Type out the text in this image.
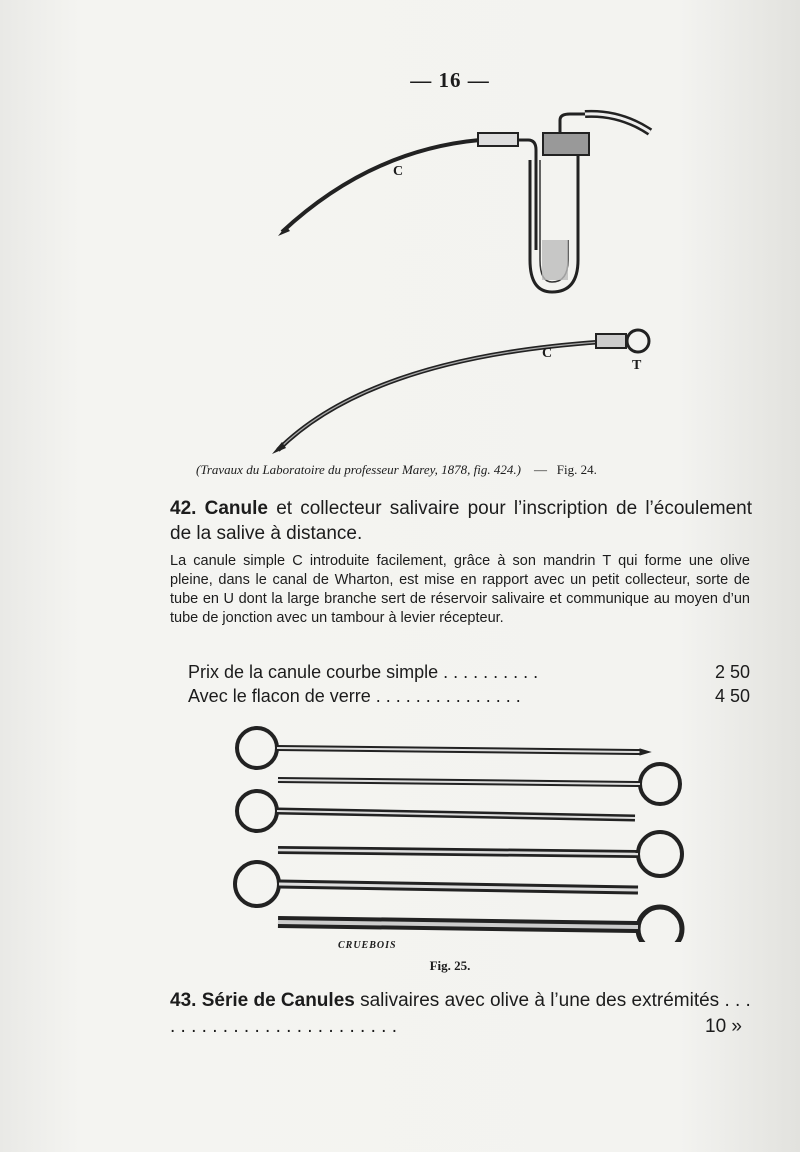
— 16 —
C
C
T
(Travaux du Laboratoire du professeur Marey, 1878, fig. 424.) — Fig. 24.
42. Canule et collecteur salivaire pour l’inscription de l’écoulement de la salive à distance.
La canule simple C introduite facilement, grâce à son mandrin T qui forme une olive pleine, dans le canal de Wharton, est mise en rapport avec un petit collecteur, sorte de tube en U dont la large branche sert de réservoir salivaire et communique au moyen d’un tube de jonction avec un tambour à levier récepteur.
Prix de la canule courbe simple . . . . . . . . . .	2 50
Avec le flacon de verre . . . . . . . . . . . . . . .	4 50
CRUEBOIS
Fig. 25.
43. Série de Canules salivaires avec olive à l’une des extrémités . . . . . . . . . . . . . . . . . . . . . . . . .	10 »
